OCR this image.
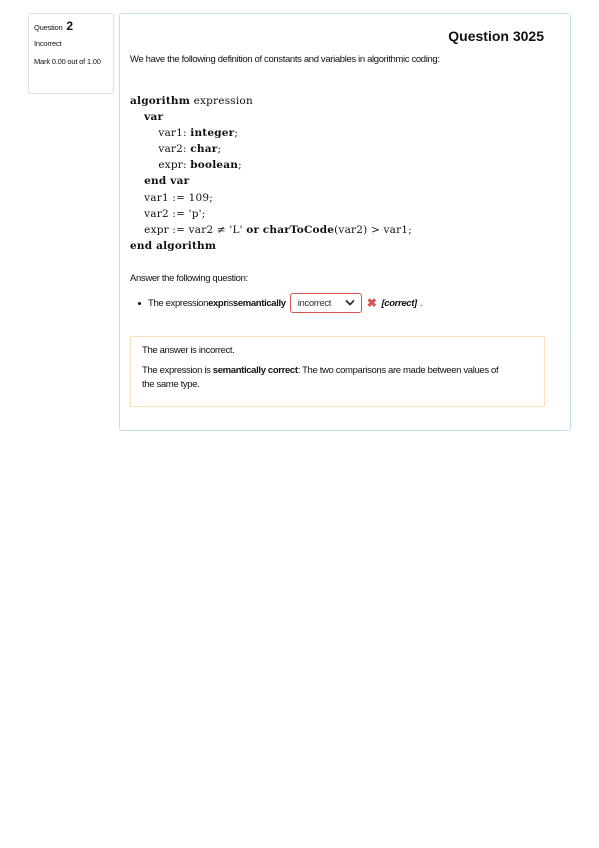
Question 2
Incorrect
Mark 0.00 out of 1.00
Question 3025
We have the following definition of constants and variables in algorithmic coding:
algorithm expression
var
var1: integer;
var2: char;
expr: boolean;
end var
var1 := 109;
var2 := 'p';
expr := var2 ≠ 'L' or charToCode(var2) > var1;
end algorithm
Answer the following question:
The expression expr is semantically incorrect	✖ [correct] .

The answer is incorrect.

The expression is semantically correct: The two comparisons are made between values of the same type.
